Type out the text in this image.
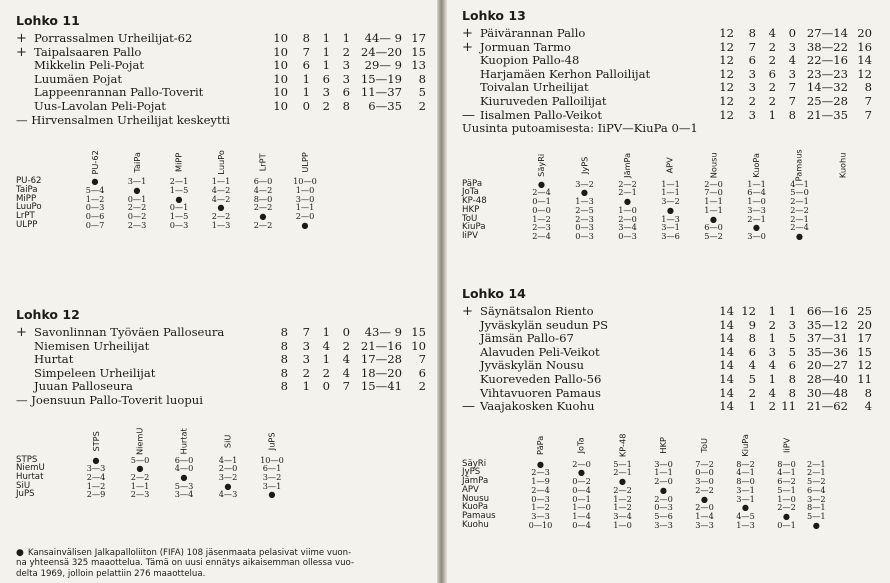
Lohko 11
+	Porrassalmen Urheilijat-62	10	8	1	1	44— 9	17
+	Taipalsaaren Pallo	10	7	1	2	24—20	15
	Mikkelin Peli-Pojat	10	6	1	3	29— 9	13
	Luumäen Pojat	10	1	6	3	15—19	8
	Lappeenrannan Pallo-Toverit	10	1	3	6	11—37	5
	Uus-Lavolan Peli-Pojat	10	0	2	8	6—35	2
— Hirvensalmen Urheilijat keskeytti
	PU-62	TaiPa	MiPP	LuuPo	LrPT	ULPP
PU-62	●	3—1	2—1	1—1	6—0	10—0
TaiPa	5—4	●	1—5	4—2	4—2	1—0
MiPP	1—2	0—1	●	4—2	8—0	3—0
LuuPo	0—3	2—2	0—1	●	2—2	1—1
LrPT	0—6	0—2	1—5	2—2	●	2—0
ULPP	0—7	2—3	0—3	1—3	2—2	●
Lohko 12
+	Savonlinnan Työväen Palloseura	8	7	1	0	43— 9	15
	Niemisen Urheilijat	8	3	4	2	21—16	10
	Hurtat	8	3	1	4	17—28	7
	Simpeleen Urheilijat	8	2	2	4	18—20	6
	Juuan Palloseura	8	1	0	7	15—41	2
— Joensuun Pallo-Toverit luopui
	STPS	NiemU	Hurtat	SiU	JuPS
STPS	●	5—0	6—0	4—1	10—0
NiemU	3—3	●	4—0	2—0	6—1
Hurtat	2—4	2—2	●	3—2	3—2
SiU	1—2	1—1	5—3	●	3—1
JuPS	2—9	2—3	3—4	4—3	●
● Kansainvälisen Jalkapalloliiton (FIFA) 108 jäsenmaata pelasivat viime vuon-
na yhteensä 325 maaottelua. Tämä on uusi ennätys aikaisemman ollessa vuo-
delta 1969, jolloin pelattiin 276 maaottelua.
Lohko 13
+	Päivärannan Pallo	12	8	4	0	27—14	20
+	Jormuan Tarmo	12	7	2	3	38—22	16
	Kuopion Pallo-48	12	6	2	4	22—16	14
	Harjamäen Kerhon Palloilijat	12	3	6	3	23—23	12
	Toivalan Urheilijat	12	3	2	7	14—32	8
	Kiuruveden Palloilijat	12	2	2	7	25—28	7
—	Iisalmen Pallo-Veikot	12	3	1	8	21—35	7
Uusinta putoamisesta: IiPV—KiuPa 0—1
	SäyRi	JyPS	JämPa	APV	Nousu	KuoPa	Pamaus	Kuohu
PäPa	●	3—2	2—2	1—1	2—0	1—1	4—1	
JoTa	2—4	●	2—1	1—1	7—0	6—4	5—0	
KP-48	0—1	1—3	●	3—2	1—1	1—0	2—1	
HKP	0—0	2—5	1—0	●	1—1	3—3	2—2	
ToU	1—2	2—3	2—0	1—3	●	2—1	2—1	
KiuPa	2—3	0—3	3—4	3—1	6—0	●	2—4	
IiPV	2—4	0—3	0—3	3—6	5—2	3—0	●	
Lohko 14
+	Säynätsalon Riento	14	12	1	1	66—16	25
	Jyväskylän seudun PS	14	9	2	3	35—12	20
	Jämsän Pallo-67	14	8	1	5	37—31	17
	Alavuden Peli-Veikot	14	6	3	5	35—36	15
	Jyväskylän Nousu	14	4	4	6	20—27	12
	Kuoreveden Pallo-56	14	5	1	8	28—40	11
	Vihtavuoren Pamaus	14	2	4	8	30—48	8
—	Vaajakosken Kuohu	14	1	2	11	21—62	4
	PäPa	JoTa	KP-48	HKP	ToU	KiuPa	IiPV	
SäyRi	●	2—0	5—1	3—0	7—2	8—2	8—0	2—1
JyPS	2—3	●	2—1	1—1	0—0	4—1	4—1	2—1
JämPa	1—9	0—2	●	2—0	3—0	8—0	6—2	5—2
APV	2—4	0—4	2—2	●	2—2	3—1	5—1	6—4
Nousu	0—3	0—1	1—2	2—0	●	3—1	1—0	3—2
KuoPa	1—2	1—0	1—2	0—3	2—0	●	2—2	8—1
Pamaus	3—3	1—4	3—4	5—6	1—4	4—5	●	5—1
Kuohu	0—10	0—4	1—0	3—3	3—3	1—3	0—1	●
